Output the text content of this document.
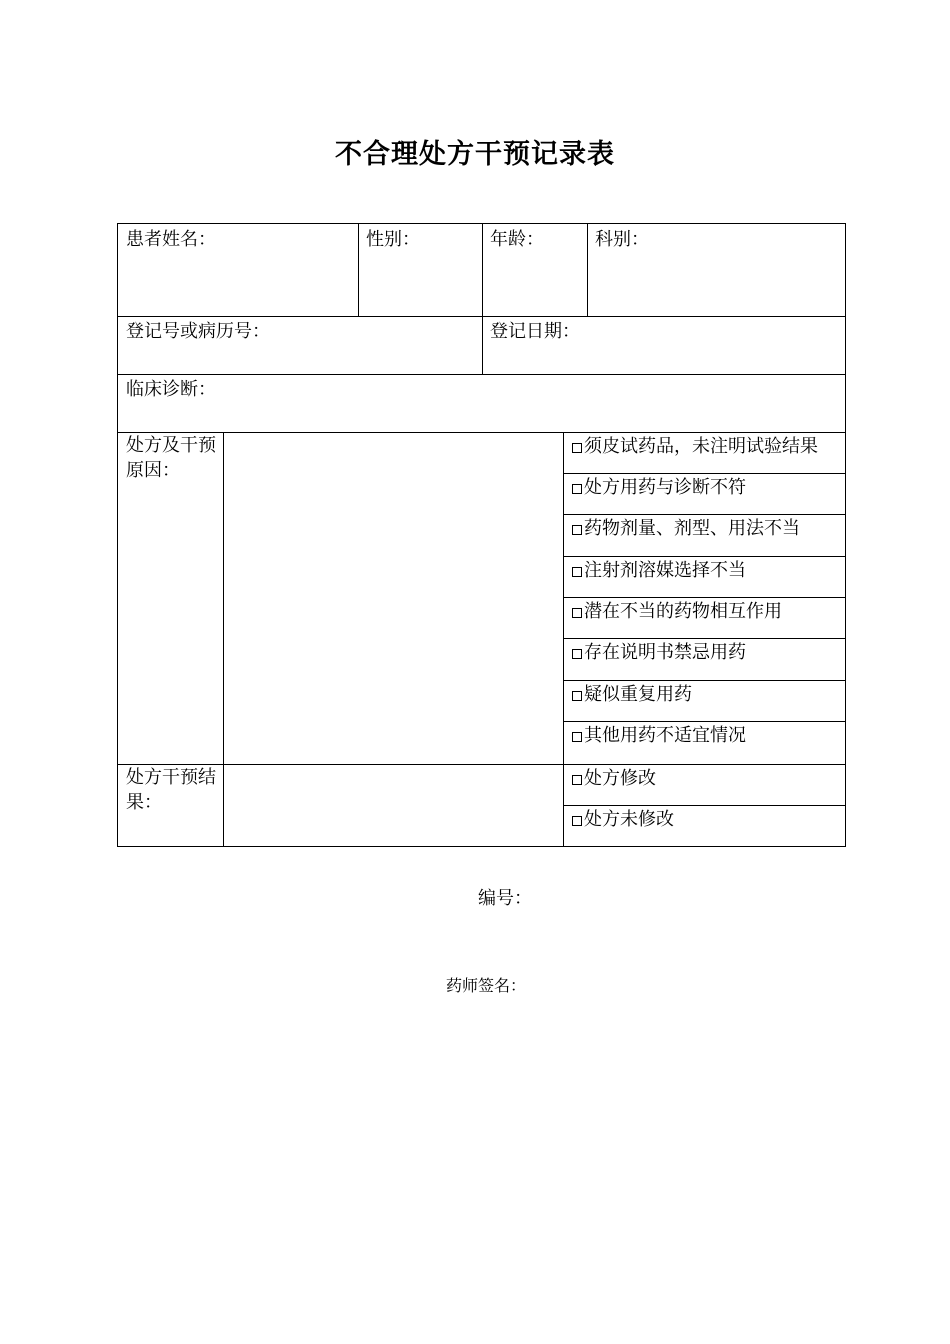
不合理处方干预记录表
患者姓名：	性别：	年龄：	科别：
登记号或病历号：	登记日期：
临床诊断：
处方及干预原因：
须皮试药品，未注明试验结果
处方用药与诊断不符
药物剂量、剂型、用法不当
注射剂溶媒选择不当
潜在不当的药物相互作用
存在说明书禁忌用药
疑似重复用药
其他用药不适宜情况
处方干预结果：
处方修改
处方未修改
编号：
药师签名：
